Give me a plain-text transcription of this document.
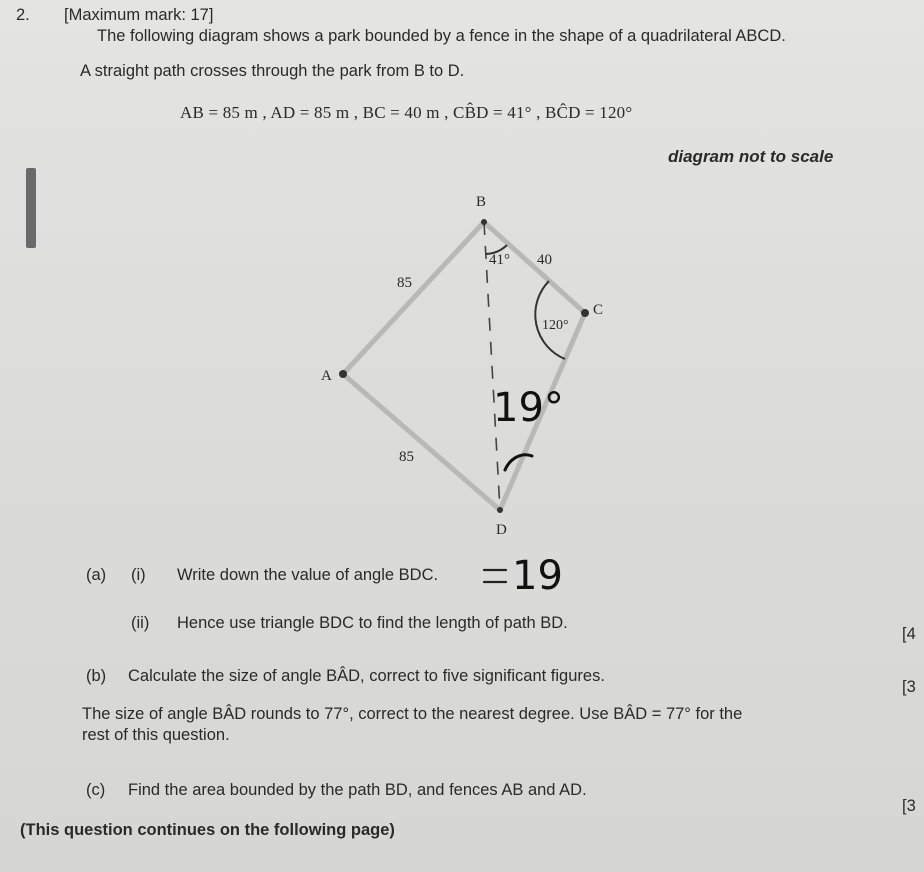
2. [Maximum mark: 17]
The following diagram shows a park bounded by a fence in the shape of a quadrilateral ABCD.
A straight path crosses through the park from B to D.
AB = 85 m , AD = 85 m , BC = 40 m , CB̂D = 41° , BĈD = 120°
diagram not to scale
B
A
C
D
85
85
40
41°
120°
19°
(a) (i) Write down the value of angle BDC. 19
(ii) Hence use triangle BDC to find the length of path BD.
[4
(b) Calculate the size of angle BÂD, correct to five significant figures.
[3
The size of angle BÂD rounds to 77°, correct to the nearest degree. Use BÂD = 77° for the
rest of this question.
(c) Find the area bounded by the path BD, and fences AB and AD.
[3
(This question continues on the following page)
